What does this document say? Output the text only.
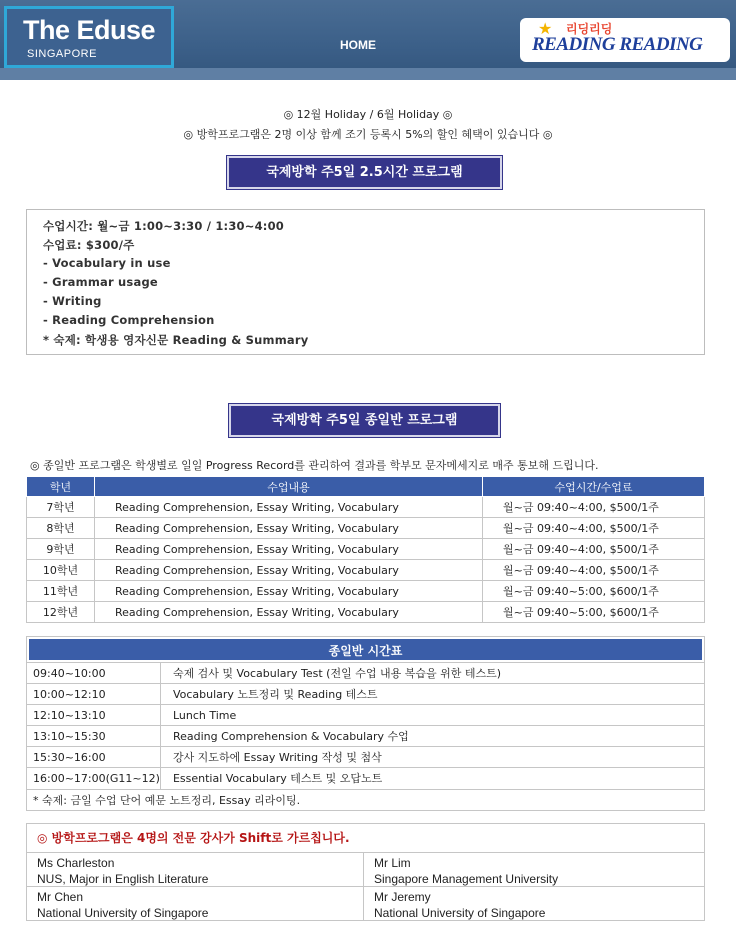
The Eduse
SINGAPORE
HOME
★ 리딩리딩
READING READING
◎ 12월 Holiday / 6월 Holiday ◎
◎ 방학프로그램은 2명 이상 함께 조기 등록시 5%의 할인 혜택이 있습니다 ◎
국제방학 주5일 2.5시간 프로그램
수업시간: 월~금 1:00~3:30 / 1:30~4:00
수업료: $300/주
- Vocabulary in use
- Grammar usage
- Writing
- Reading Comprehension
* 숙제: 학생용 영자신문 Reading & Summary
국제방학 주5일 종일반 프로그램
◎ 종일반 프로그램은 학생별로 일일 Progress Record를 관리하여 결과를 학부모 문자메세지로 매주 통보해 드립니다.
학년	수업내용	수업시간/수업료
7학년	Reading Comprehension, Essay Writing, Vocabulary	월~금 09:40~4:00, $500/1주
8학년	Reading Comprehension, Essay Writing, Vocabulary	월~금 09:40~4:00, $500/1주
9학년	Reading Comprehension, Essay Writing, Vocabulary	월~금 09:40~4:00, $500/1주
10학년	Reading Comprehension, Essay Writing, Vocabulary	월~금 09:40~4:00, $500/1주
11학년	Reading Comprehension, Essay Writing, Vocabulary	월~금 09:40~5:00, $600/1주
12학년	Reading Comprehension, Essay Writing, Vocabulary	월~금 09:40~5:00, $600/1주
종일반 시간표
09:40~10:00	숙제 검사 및 Vocabulary Test (전일 수업 내용 복습을 위한 테스트)
10:00~12:10	Vocabulary 노트정리 및 Reading 테스트
12:10~13:10	Lunch Time
13:10~15:30	Reading Comprehension & Vocabulary 수업
15:30~16:00	강사 지도하에 Essay Writing 작성 및 첨삭
16:00~17:00(G11~12)	Essential Vocabulary 테스트 및 오답노트
* 숙제: 금일 수업 단어 예문 노트정리, Essay 리라이팅.
◎ 방학프로그램은 4명의 전문 강사가 Shift로 가르칩니다.
Ms Charleston
NUS, Major in English Literature
Mr Lim
Singapore Management University
Mr Chen
National University of Singapore
Mr Jeremy
National University of Singapore
